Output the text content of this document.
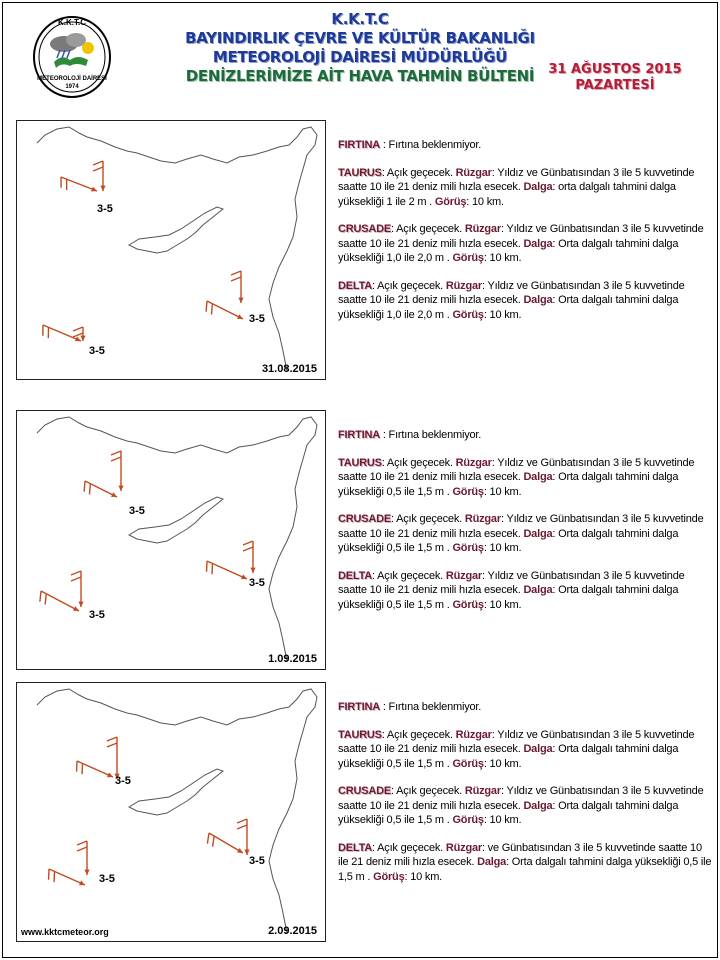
K.K.T.C
METEOROLOJİ DAİRESİ
1974
K.K.T.C
BAYINDIRLIK ÇEVRE VE KÜLTÜR BAKANLIĞI
METEOROLOJİ DAİRESİ MÜDÜRLÜĞÜ
DENİZLERİMİZE AİT HAVA TAHMİN BÜLTENİ	31 AĞUSTOS 2015
PAZARTESİ
3-5
3-5
3-5
31.08.2015
3-5
3-5
3-5
1.09.2015
3-5
3-5
3-5
www.kktcmeteor.org	2.09.2015

FIRTINA : Fırtına beklenmiyor.

TAURUS: Açık geçecek. Rüzgar: Yıldız ve Günbatısından 3 ile 5 kuvvetinde saatte 10 ile 21 deniz mili hızla esecek. Dalga: orta dalgalı tahmini dalga yüksekliği 1 ile 2 m . Görüş: 10 km.

CRUSADE: Açık geçecek. Rüzgar: Yıldız ve Günbatısından 3 ile 5 kuvvetinde saatte 10 ile 21 deniz mili hızla esecek. Dalga: Orta dalgalı tahmini dalga yüksekliği 1,0 ile 2,0 m . Görüş: 10 km.

DELTA: Açık geçecek. Rüzgar: Yıldız ve Günbatısından 3 ile 5 kuvvetinde saatte 10 ile 21 deniz mili hızla esecek. Dalga: Orta dalgalı tahmini dalga yüksekliği 1,0 ile 2,0 m . Görüş: 10 km.

FIRTINA : Fırtına beklenmiyor.

TAURUS: Açık geçecek. Rüzgar: Yıldız ve Günbatısından 3 ile 5 kuvvetinde saatte 10 ile 21 deniz mili hızla esecek. Dalga: Orta dalgalı tahmini dalga yüksekliği 0,5 ile 1,5 m . Görüş: 10 km.

CRUSADE: Açık geçecek. Rüzgar: Yıldız ve Günbatısından 3 ile 5 kuvvetinde saatte 10 ile 21 deniz mili hızla esecek. Dalga: Orta dalgalı tahmini dalga yüksekliği 0,5 ile 1,5 m . Görüş: 10 km.

DELTA: Açık geçecek. Rüzgar: Yıldız ve Günbatısından 3 ile 5 kuvvetinde saatte 10 ile 21 deniz mili hızla esecek. Dalga: Orta dalgalı tahmini dalga yüksekliği 0,5 ile 1,5 m . Görüş: 10 km.

FIRTINA : Fırtına beklenmiyor.

TAURUS: Açık geçecek. Rüzgar: Yıldız ve Günbatısından 3 ile 5 kuvvetinde saatte 10 ile 21 deniz mili hızla esecek. Dalga: Orta dalgalı tahmini dalga yüksekliği 0,5 ile 1,5 m . Görüş: 10 km.

CRUSADE: Açık geçecek. Rüzgar: Yıldız ve Günbatısından 3 ile 5 kuvvetinde saatte 10 ile 21 deniz mili hızla esecek. Dalga: Orta dalgalı tahmini dalga yüksekliği 0,5 ile 1,5 m . Görüş: 10 km.

DELTA: Açık geçecek. Rüzgar: ve Günbatısından 3 ile 5 kuvvetinde saatte 10 ile 21 deniz mili hızla esecek. Dalga: Orta dalgalı tahmini dalga yüksekliği 0,5 ile 1,5 m . Görüş: 10 km.
